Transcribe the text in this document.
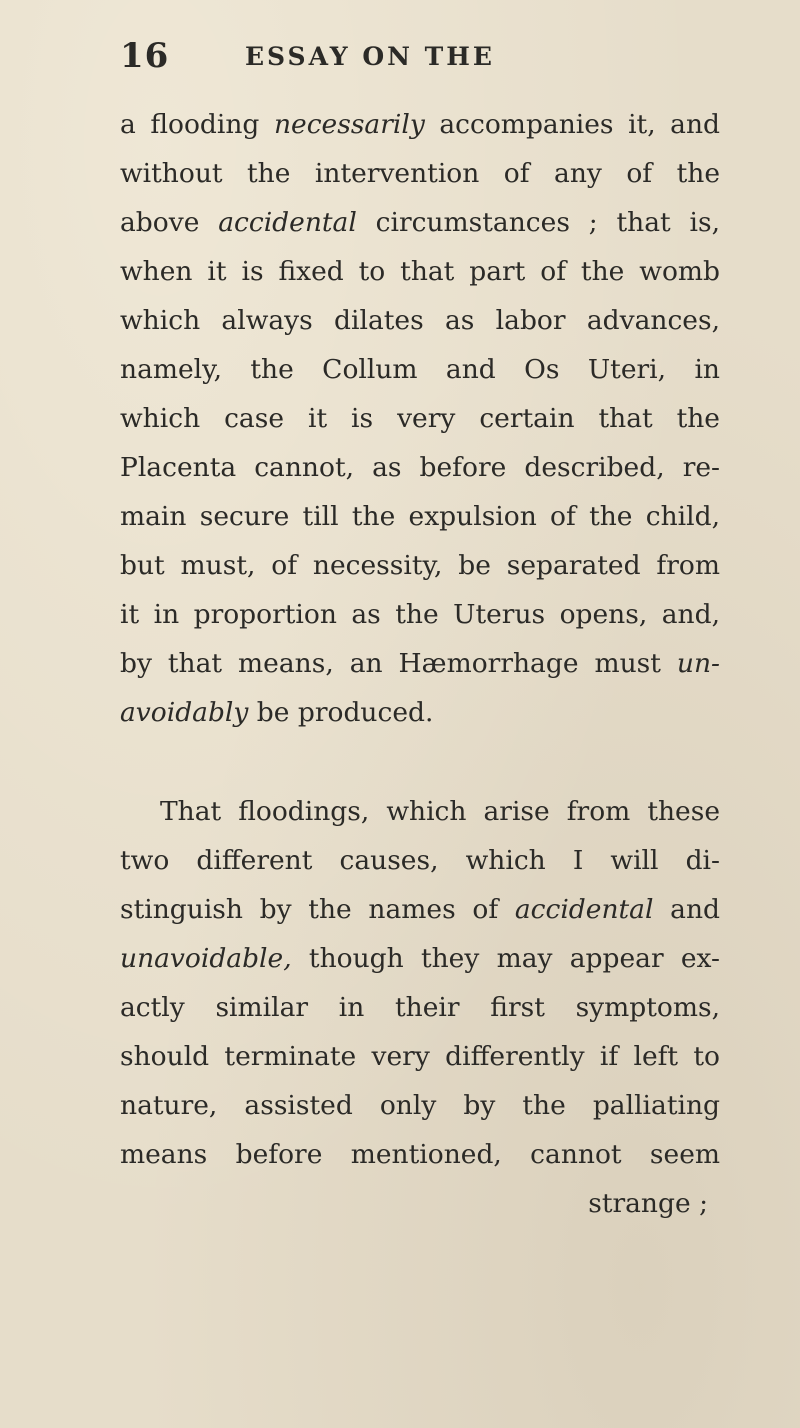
16	ESSAY ON THE
a flooding necessarily accompanies it, and
without the intervention of any of the
above accidental circumstances ; that is,
when it is fixed to that part of the womb
which always dilates as labor advances,
namely, the Collum and Os Uteri, in
which case it is very certain that the
Placenta cannot, as before described, re-
main secure till the expulsion of the child,
but must, of necessity, be separated from
it in proportion as the Uterus opens, and,
by that means, an Hæmorrhage must un-
avoidably be produced.
That floodings, which arise from these
two different causes, which I will di-
stinguish by the names of accidental and
unavoidable, though they may appear ex-
actly similar in their first symptoms,
should terminate very differently if left to
nature, assisted only by the palliating
means before mentioned, cannot seem
strange ;
